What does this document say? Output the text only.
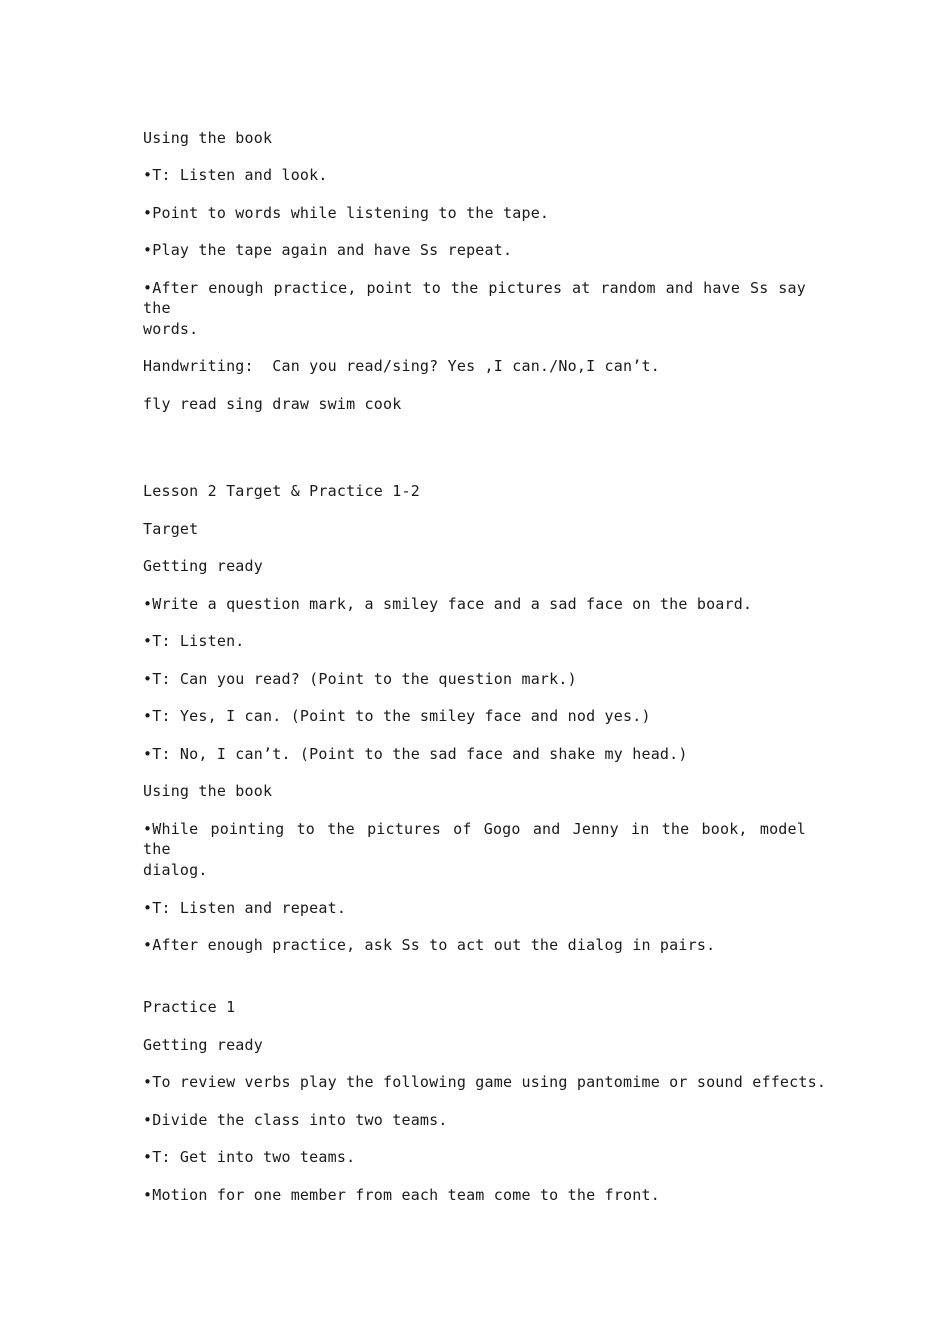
Using the book
•T: Listen and look.
•Point to words while listening to the tape.
•Play the tape again and have Ss repeat.
•After enough practice, point to the pictures at random and have Ss say the
words.
Handwriting:  Can you read/sing? Yes ,I can./No,I can’t.
fly read sing draw swim cook
Lesson 2 Target & Practice 1-2
Target
Getting ready
•Write a question mark, a smiley face and a sad face on the board.
•T: Listen.
•T: Can you read? (Point to the question mark.)
•T: Yes, I can. (Point to the smiley face and nod yes.)
•T: No, I can’t. (Point to the sad face and shake my head.)
Using the book
•While pointing to the pictures of Gogo and Jenny in the book, model the
dialog.
•T: Listen and repeat.
•After enough practice, ask Ss to act out the dialog in pairs.
Practice 1
Getting ready
•To review verbs play the following game using pantomime or sound effects.
•Divide the class into two teams.
•T: Get into two teams.
•Motion for one member from each team come to the front.
